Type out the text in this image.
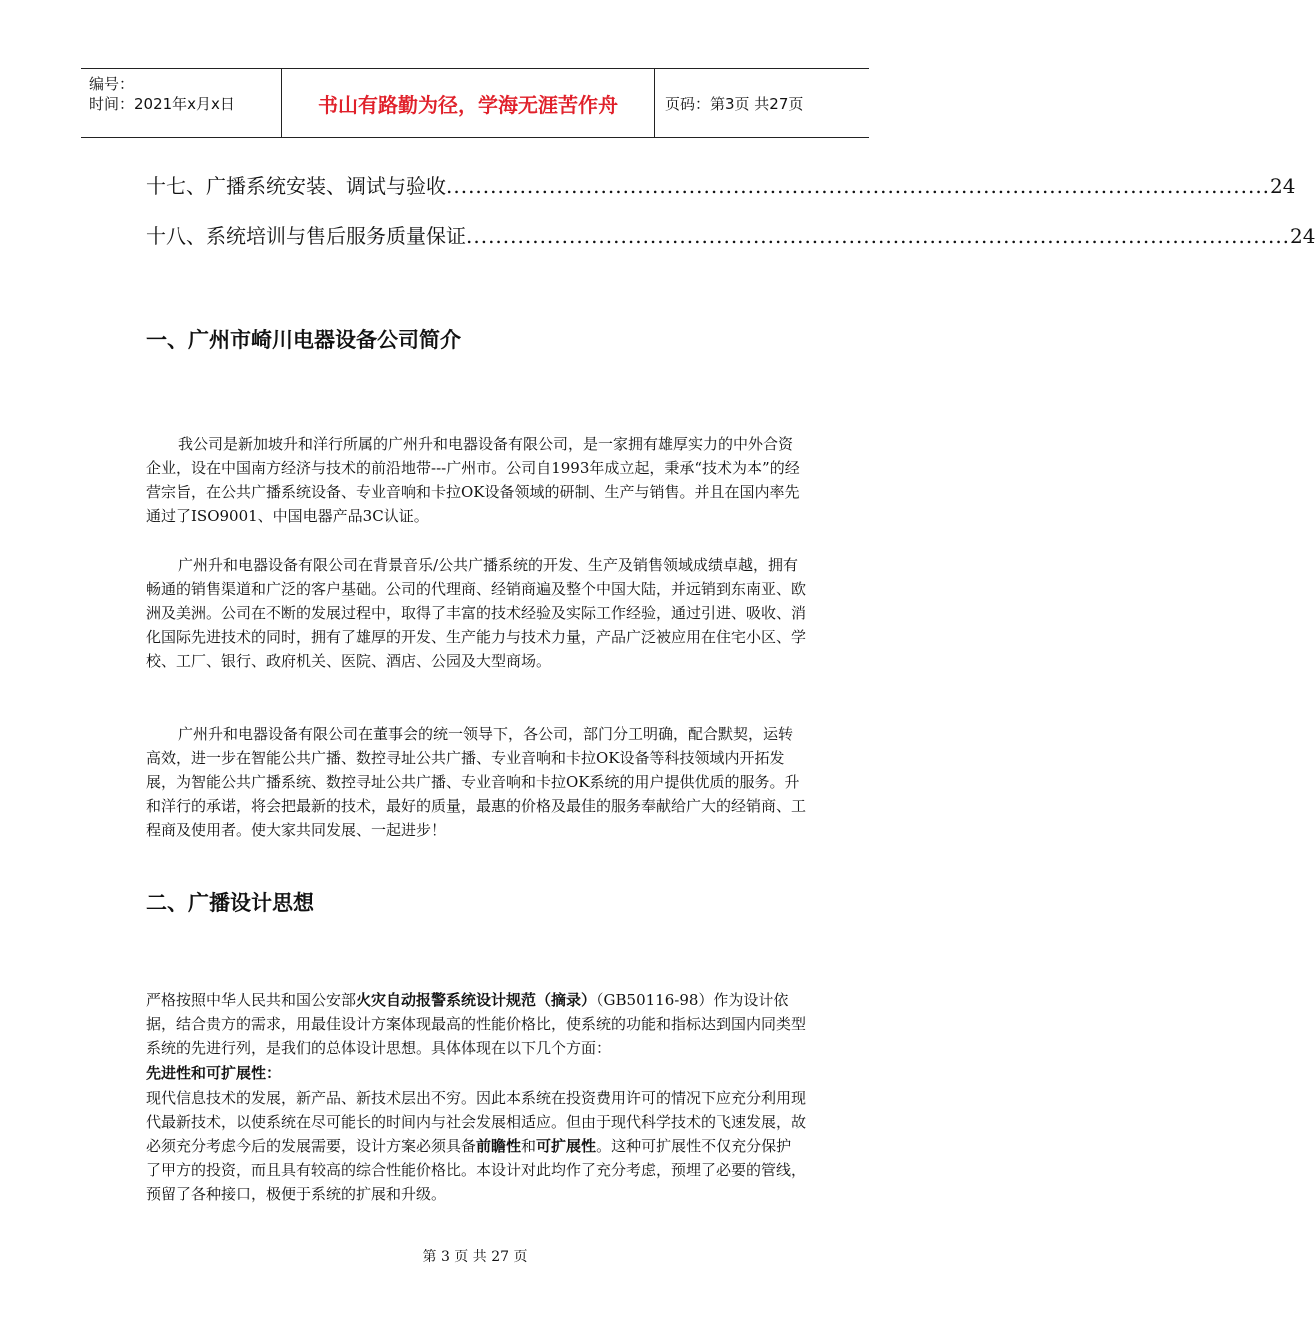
编号：
时间：2021年x月x日	书山有路勤为径，学海无涯苦作舟	页码：第3页 共27页
十七、广播系统安装、调试与验收 ................................................................................................................ 24
十八、系统培训与售后服务质量保证 ................................................................................................................ 24
一、广州市崎川电器设备公司简介

我公司是新加坡升和洋行所属的广州升和电器设备有限公司，是一家拥有雄厚实力的中外合资企业，设在中国南方经济与技术的前沿地带---广州市。公司自1993年成立起，秉承“技术为本”的经营宗旨，在公共广播系统设备、专业音响和卡拉OK设备领域的研制、生产与销售。并且在国内率先通过了ISO9001、中国电器产品3C认证。

广州升和电器设备有限公司在背景音乐/公共广播系统的开发、生产及销售领域成绩卓越，拥有畅通的销售渠道和广泛的客户基础。公司的代理商、经销商遍及整个中国大陆，并远销到东南亚、欧洲及美洲。公司在不断的发展过程中，取得了丰富的技术经验及实际工作经验，通过引进、吸收、消化国际先进技术的同时，拥有了雄厚的开发、生产能力与技术力量，产品广泛被应用在住宅小区、学校、工厂、银行、政府机关、医院、酒店、公园及大型商场。

广州升和电器设备有限公司在董事会的统一领导下，各公司，部门分工明确，配合默契，运转高效，进一步在智能公共广播、数控寻址公共广播、专业音响和卡拉OK设备等科技领域内开拓发展，为智能公共广播系统、数控寻址公共广播、专业音响和卡拉OK系统的用户提供优质的服务。升和洋行的承诺，将会把最新的技术，最好的质量，最惠的价格及最佳的服务奉献给广大的经销商、工程商及使用者。使大家共同发展、一起进步！

二、广播设计思想

严格按照中华人民共和国公安部火灾自动报警系统设计规范（摘录）（GB50116-98）作为设计依据，结合贵方的需求，用最佳设计方案体现最高的性能价格比，使系统的功能和指标达到国内同类型系统的先进行列，是我们的总体设计思想。具体体现在以下几个方面：

先进性和可扩展性：

现代信息技术的发展，新产品、新技术层出不穷。因此本系统在投资费用许可的情况下应充分利用现代最新技术，以使系统在尽可能长的时间内与社会发展相适应。但由于现代科学技术的飞速发展，故必须充分考虑今后的发展需要，设计方案必须具备前瞻性和可扩展性。这种可扩展性不仅充分保护了甲方的投资，而且具有较高的综合性能价格比。本设计对此均作了充分考虑，预埋了必要的管线，预留了各种接口，极便于系统的扩展和升级。

第 3 页 共 27 页
